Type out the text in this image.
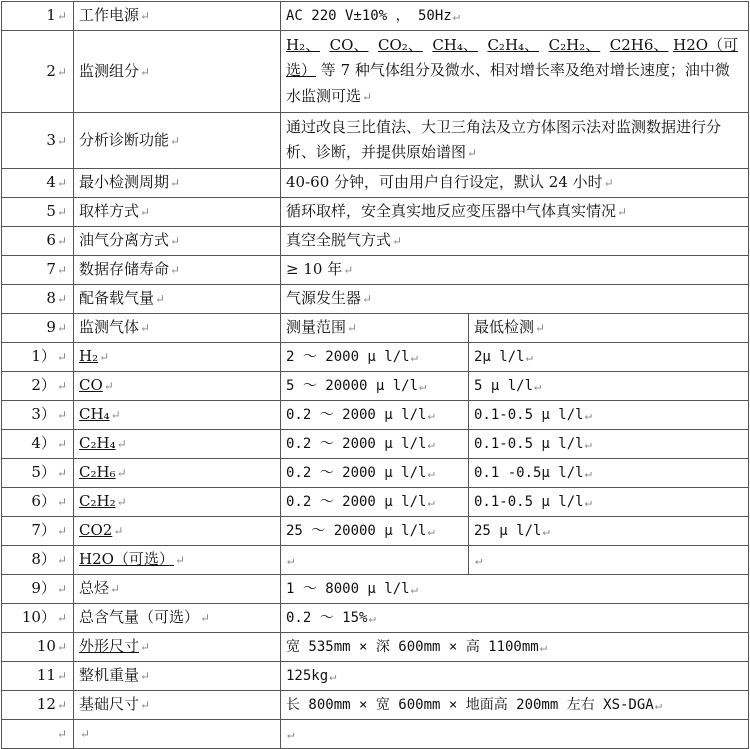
1↵	工作电源↵	AC 220 V±10% ， 50Hz↵	
2↵	监测组分↵	H₂、 CO、 CO₂、 CH₄、 C₂H₄、 C₂H₂、 C2H6、 H2O（可选） 等 7 种气体组分及微水、相对增长率及绝对增长速度；油中微水监测可选↵	
3↵	分析诊断功能↵	通过改良三比值法、大卫三角法及立方体图示法对监测数据进行分析、诊断，并提供原始谱图↵	
4↵	最小检测周期↵	40-60 分钟，可由用户自行设定，默认 24 小时↵	
5↵	取样方式↵	循环取样，安全真实地反应变压器中气体真实情况↵	
6↵	油气分离方式↵	真空全脱气方式↵	
7↵	数据存储寿命↵	≥ 10 年↵	
8↵	配备载气量↵	气源发生器↵	
9↵	监测气体↵	测量范围↵	最低检测↵
1）↵	H₂↵	2 ～ 2000 μ l/l↵	2μ l/l↵
2）↵	CO↵	5 ～ 20000 μ l/l↵	5 μ l/l↵
3）↵	CH₄↵	0.2 ～ 2000 μ l/l↵	0.1-0.5 μ l/l↵
4）↵	C₂H₄↵	0.2 ～ 2000 μ l/l↵	0.1-0.5 μ l/l↵
5）↵	C₂H₆↵	0.2 ～ 2000 μ l/l↵	0.1 -0.5μ l/l↵
6）↵	C₂H₂↵	0.2 ～ 2000 μ l/l↵	0.1-0.5 μ l/l↵
7）↵	CO2↵	25 ～ 20000 μ l/l↵	25 μ l/l↵
8）↵	H2O（可选）↵	↵	↵
9）↵	总烃↵	1 ～ 8000 μ l/l↵	
10）↵	总含气量（可选）↵	0.2 ～ 15%↵	
10↵	外形尺寸↵	宽 535mm × 深 600mm × 高 1100mm↵	
11↵	整机重量↵	125kg↵	
12↵	基础尺寸↵	长 800mm × 宽 600mm × 地面高 200mm 左右 XS-DGA↵	
↵	↵	↵	
